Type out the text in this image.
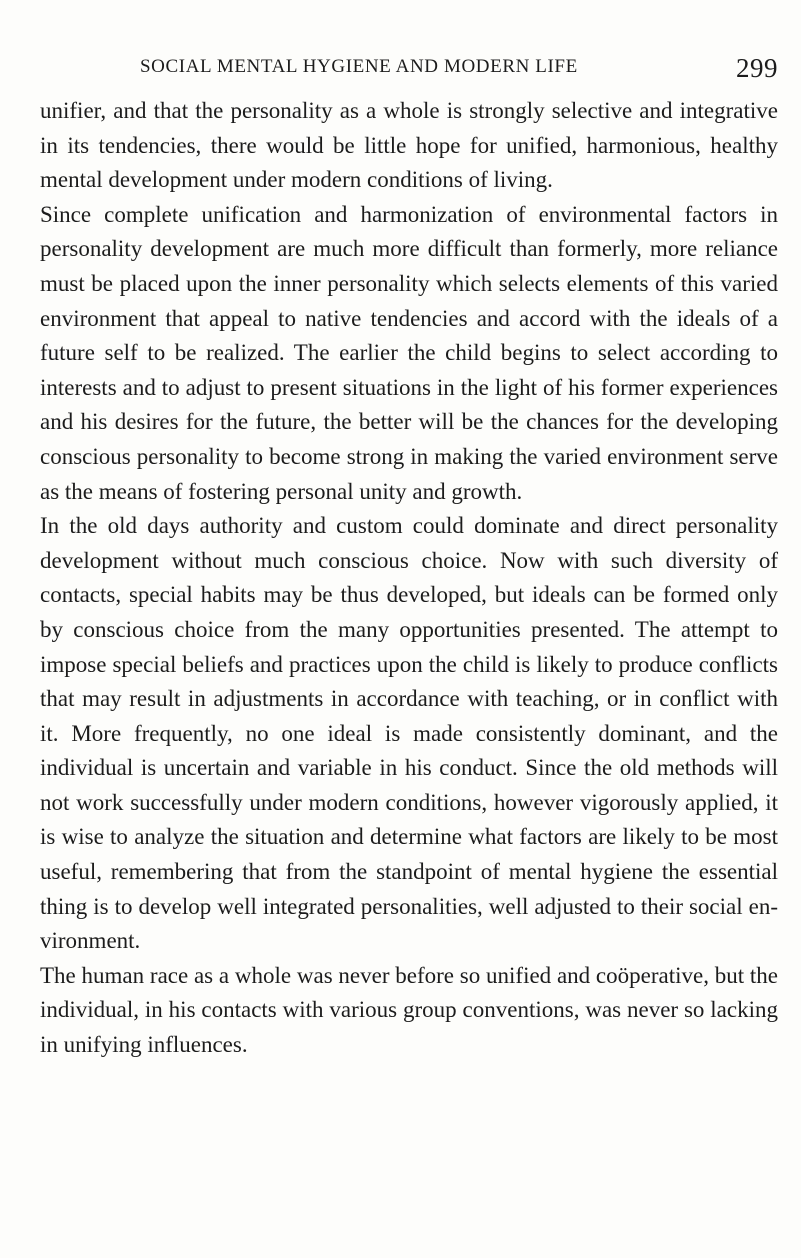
SOCIAL MENTAL HYGIENE AND MODERN LIFE	299

unifier, and that the personality as a whole is strongly selective and integrative in its tendencies, there would be little hope for unified, harmonious, healthy mental development under modern conditions of living.

Since complete unification and harmonization of environmental factors in personality development are much more difficult than formerly, more reliance must be placed upon the inner personality which selects elements of this varied environment that appeal to native tendencies and accord with the ideals of a future self to be realized. The earlier the child begins to select according to interests and to adjust to present situations in the light of his former experiences and his desires for the future, the better will be the chances for the developing conscious personality to become strong in making the varied environment serve as the means of fostering personal unity and growth.

In the old days authority and custom could dominate and direct personality development without much conscious choice. Now with such diversity of contacts, special habits may be thus developed, but ideals can be formed only by conscious choice from the many opportunities presented. The attempt to impose special beliefs and practices upon the child is likely to produce conflicts that may result in adjustments in accordance with teaching, or in conflict with it. More frequently, no one ideal is made consistently dominant, and the individual is uncertain and variable in his conduct. Since the old methods will not work successfully under modern conditions, however vigorously applied, it is wise to analyze the situation and determine what factors are likely to be most useful, remembering that from the standpoint of mental hygiene the essential thing is to develop well integrated personalities, well adjusted to their social environment.

The human race as a whole was never before so unified and coöperative, but the individual, in his contacts with various group conventions, was never so lacking in unifying influences.
